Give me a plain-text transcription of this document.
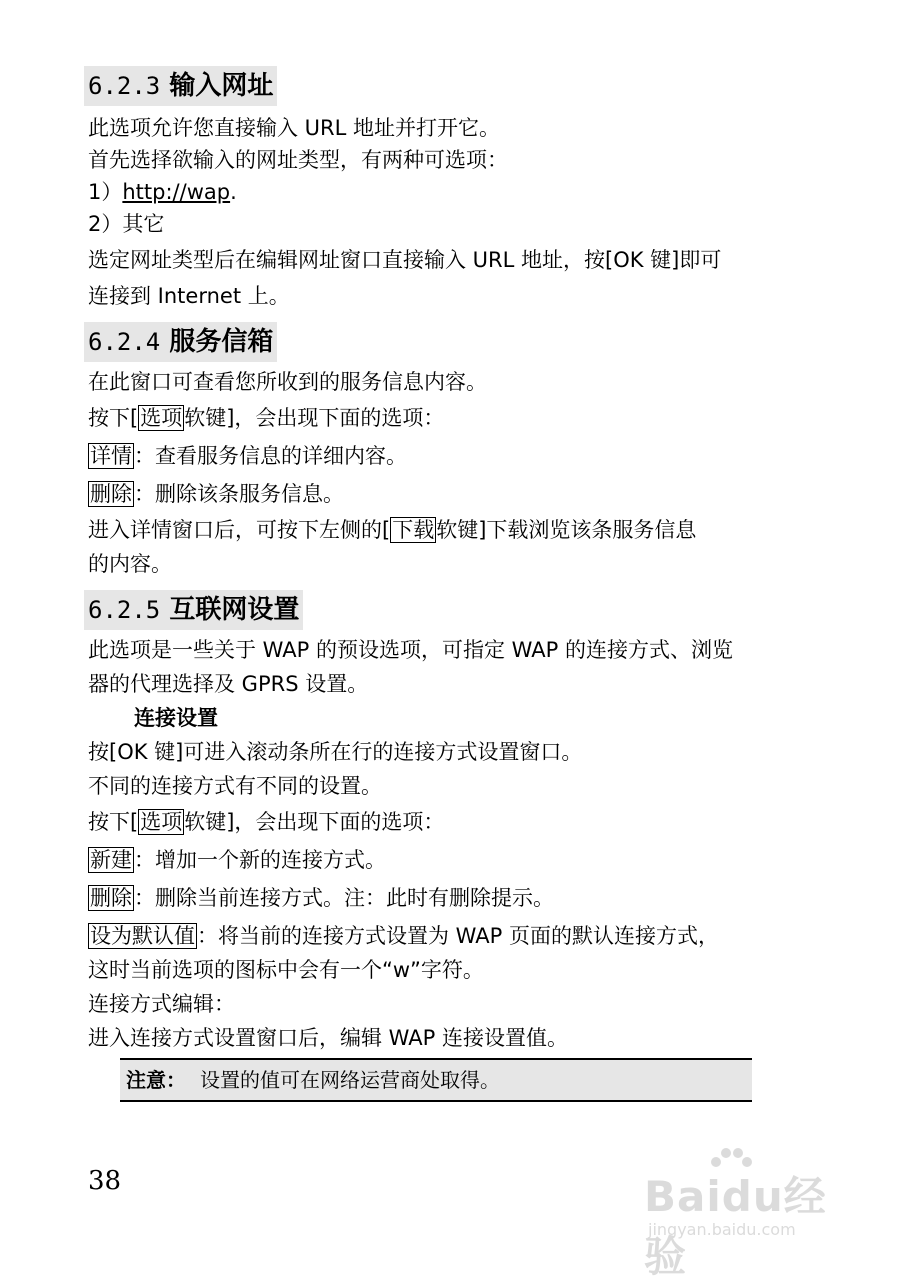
6.2.3 输入网址
此选项允许您直接输入 URL 地址并打开它。
首先选择欲输入的网址类型，有两种可选项：
1）http://wap.
2）其它
选定网址类型后在编辑网址窗口直接输入 URL 地址，按[OK 键]即可
连接到 Internet 上。
6.2.4 服务信箱
在此窗口可查看您所收到的服务信息内容。
按下[选项软键]，会出现下面的选项：
详情：查看服务信息的详细内容。
删除：删除该条服务信息。
进入详情窗口后，可按下左侧的[下载软键]下载浏览该条服务信息
的内容。
6.2.5 互联网设置
此选项是一些关于 WAP 的预设选项，可指定 WAP 的连接方式、浏览
器的代理选择及 GPRS 设置。
连接设置
按[OK 键]可进入滚动条所在行的连接方式设置窗口。
不同的连接方式有不同的设置。
按下[选项软键]，会出现下面的选项：
新建：增加一个新的连接方式。
删除：删除当前连接方式。注：此时有删除提示。
设为默认值：将当前的连接方式设置为 WAP 页面的默认连接方式，
这时当前选项的图标中会有一个“w”字符。
连接方式编辑：
进入连接方式设置窗口后，编辑 WAP 连接设置值。
注意： 设置的值可在网络运营商处取得。
38	Baidu经验
jingyan.baidu.com
